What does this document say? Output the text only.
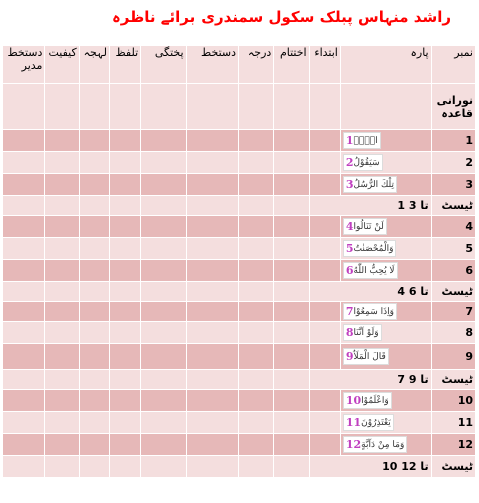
راشد منہاس پبلک سکول سمندری
برائے ناظرہ
نمبر	پارہ	ابتداء	اختتام	درجہ	دستخط	پختگی	تلفظ	لہجہ	کیفیت	دستخط مدیر
نورانی قاعدہ										
1	1 الۤمۤ									

2	2 سَيَقُوْلُ									

3	3 تِلْكَ الرُّسُلُ									

ٹیسٹ	1 تا 3									
4	4 لَنْ تَنَالُوا									

5	5 وَالْمُحْصَنٰتُ									

6	6 لَا يُحِبُّ اللّٰهُ									

ٹیسٹ	4 تا 6									
7	7 وَاِذَا سَمِعُوْا									

8	8 وَلَوْ اَنَّنَا									

9	9 قَالَ الْمَلَاُ									

ٹیسٹ	7 تا 9									
10	10 وَاعْلَمُوْا									

11	11 يَعْتَذِرُوْنَ									

12	12 وَمَا مِنْ دَآبَّةٍ									

ٹیسٹ	10 تا 12									
